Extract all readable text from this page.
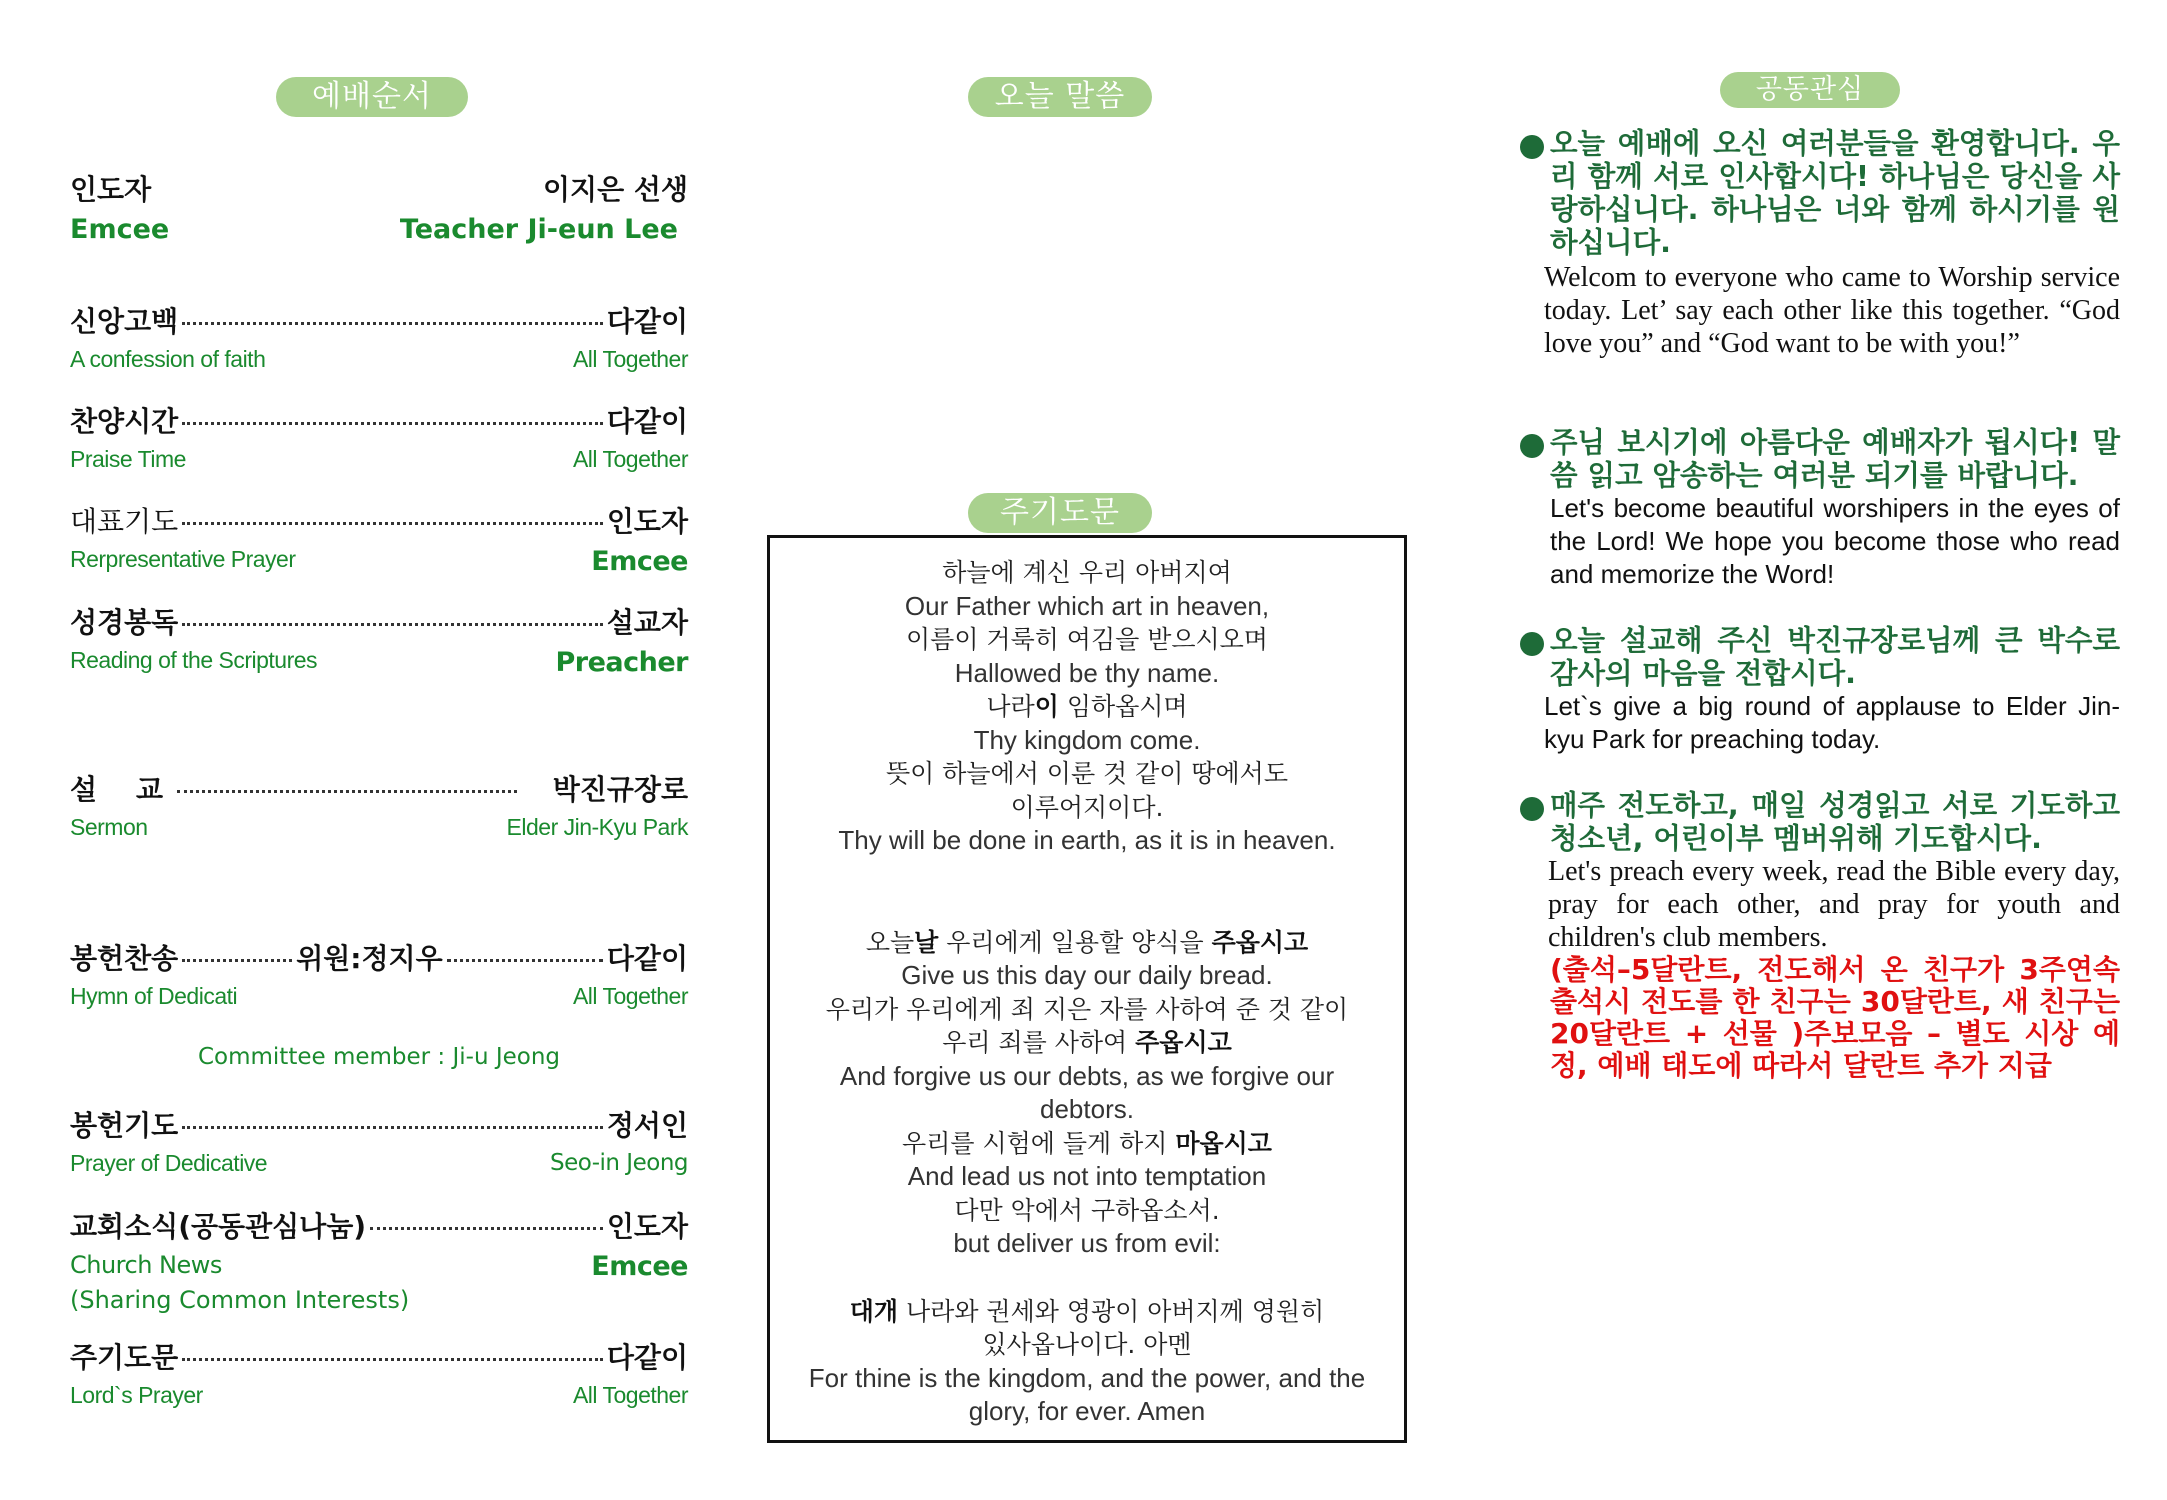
예배순서	오늘 말씀
주기도문
공동관심
인도자	이지은 선생
Emcee	Teacher Ji-eun Lee
신앙고백	다같이
A confession of faith	All Together
찬양시간	다같이
Praise Time	All Together
대표기도	인도자
Rerpresentative Prayer	Emcee
성경봉독	설교자
Reading of the Scriptures	Preacher
설    교	박진규장로
Sermon	Elder Jin-Kyu Park
봉헌찬송	위원:정지우	다같이
Hymn of Dedicati	All Together
Committee member : Ji-u Jeong
봉헌기도	정서인
Prayer of Dedicative	Seo-in Jeong
교회소식(공동관심나눔)	인도자
Church News	Emcee
(Sharing Common Interests)
주기도문	다같이
Lord`s Prayer	All Together
하늘에 계신 우리 아버지여
Our Father which art in heaven,
이름이 거룩히 여김을 받으시오며
Hallowed be thy name.
나라이 임하옵시며
Thy kingdom come.
뜻이 하늘에서 이룬 것 같이 땅에서도
이루어지이다.
Thy will be done in earth, as it is in heaven.
오늘날 우리에게 일용할 양식을 주옵시고
Give us this day our daily bread.
우리가 우리에게 죄 지은 자를 사하여 준 것 같이
우리 죄를 사하여 주옵시고
And forgive us our debts, as we forgive our
debtors.
우리를 시험에 들게 하지 마옵시고
And lead us not into temptation
다만 악에서 구하옵소서.
but deliver us from evil:
대개 나라와 권세와 영광이 아버지께 영원히
있사옵나이다. 아멘
For thine is the kingdom, and the power, and the
glory, for ever. Amen
오늘 예배에 오신 여러분들을 환영합니다. 우리 함께 서로 인사합시다! 하나님은 당신을 사랑하십니다. 하나님은 너와 함께 하시기를 원하십니다.
Welcom to everyone who came to Worship service today. Let’ say each other like this together. “God love you” and “God want to be with you!”
주님 보시기에 아름다운 예배자가 됩시다! 말씀 읽고 암송하는 여러분 되기를 바랍니다.
Let's become beautiful worshipers in the eyes of the Lord! We hope you become those who read and memorize the Word!
오늘 설교해 주신 박진규장로님께 큰 박수로 감사의 마음을 전합시다.
Let`s give a big round of applause to Elder Jin-kyu Park for preaching today.
매주 전도하고, 매일 성경읽고 서로 기도하고 청소년, 어린이부 멤버위해 기도합시다.
Let's preach every week, read the Bible every day, pray for each other, and pray for youth and children's club members.
(출석–5달란트, 전도해서 온 친구가 3주연속 출석시 전도를 한 친구는 30달란트, 새 친구는 20달란트 + 선물 )주보모음 – 별도 시상 예정, 예배 태도에 따라서 달란트 추가 지급
